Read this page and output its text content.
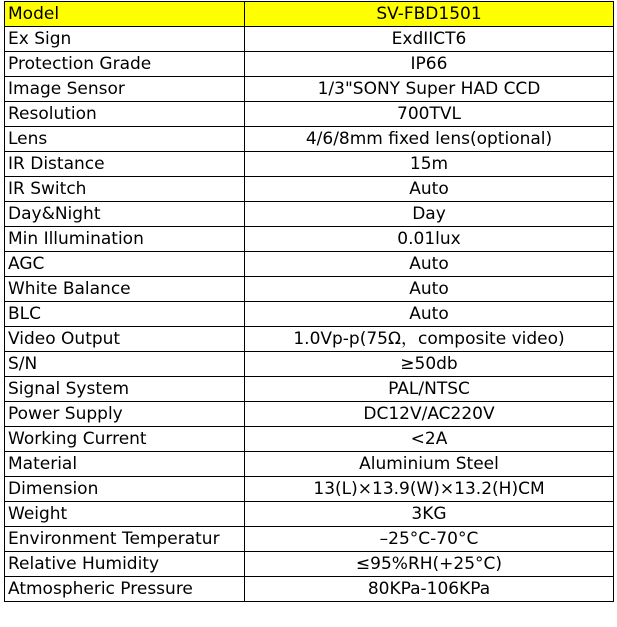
Model	SV-FBD1501
Ex Sign	ExdIICT6
Protection Grade	IP66
Image Sensor	1/3"SONY Super HAD CCD
Resolution	700TVL
Lens	4/6/8mm fixed lens(optional)
IR Distance	15m
IR Switch	Auto
Day&Night	Day
Min Illumination	0.01lux
AGC	Auto
White Balance	Auto
BLC	Auto
Video Output	1.0Vp-p(75Ω，composite video)
S/N	≥50db
Signal System	PAL/NTSC
Power Supply	DC12V/AC220V
Working Current	<2A
Material	Aluminium Steel
Dimension	13(L)×13.9(W)×13.2(H)CM
Weight	3KG
Environment Temperatur	–25°C-70°C
Relative Humidity	≤95%RH(+25°C)
Atmospheric Pressure	80KPa-106KPa
